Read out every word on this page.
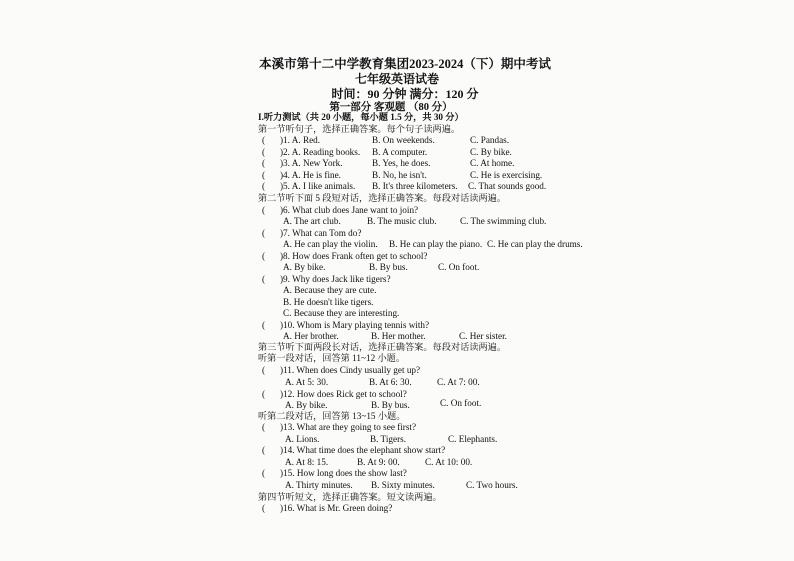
本溪市第十二中学教育集团2023-2024（下）期中考试
七年级英语试卷
时间：90 分钟 满分：120 分
第一部分 客观题 （80 分）
I.听力测试（共 20 小题，每小题 1.5 分，共 30 分）
第一节听句子，选择正确答案。每个句子读两遍。
( )1. A. Red.	B. On weekends.	C. Pandas.
( )2. A. Reading books. B. A computer.	C. By bike.
( )3. A. New York.	B. Yes, he does.	C. At home.
( )4. A. He is fine.	B. No, he isn't.	C. He is exercising.
( )5. A. I like animals. B. It's three kilometers. C. That sounds good.
第二节听下面 5 段短对话，选择正确答案。每段对话读两遍。
( )6. What club does Jane want to join?
A. The art club.	B. The music club.	C. The swimming club.
( )7. What can Tom do?
A. He can play the violin. B. He can play the piano. C. He can play the drums.
( )8. How does Frank often get to school?
A. By bike.	B. By bus.	C. On foot.
( )9. Why does Jack like tigers?
A. Because they are cute.
B. He doesn't like tigers.
C. Because they are interesting.
( )10. Whom is Mary playing tennis with?
A. Her brother.	B. Her mother.	C. Her sister.
第三节听下面两段长对话，选择正确答案。每段对话读两遍。
听第一段对话，回答第 11~12 小题。
( )11. When does Cindy usually get up?
A. At 5: 30.	B. At 6: 30.	C. At 7: 00.
( )12. How does Rick get to school?
A. By bike.	B. By bus.	C. On foot.
听第二段对话，回答第 13~15 小题。
( )13. What are they going to see first?
A. Lions.	B. Tigers.	C. Elephants.
( )14. What time does the elephant show start?
A. At 8: 15.	B. At 9: 00.	C. At 10: 00.
( )15. How long does the show last?
A. Thirty minutes. B. Sixty minutes.	C. Two hours.
第四节听短文，选择正确答案。短文读两遍。
( )16. What is Mr. Green doing?
